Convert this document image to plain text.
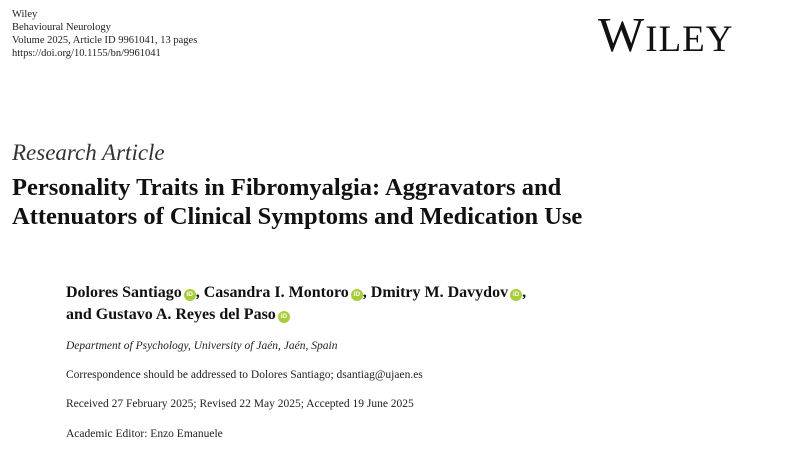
Wiley
Behavioural Neurology
Volume 2025, Article ID 9961041, 13 pages
https://doi.org/10.1155/bn/9961041	WILEY
Research Article
Personality Traits in Fibromyalgia: Aggravators and
Attenuators of Clinical Symptoms and Medication Use
Dolores Santiago iD , Casandra I. Montoro iD , Dmitry M. Davydov iD ,
and Gustavo A. Reyes del Paso iD
Department of Psychology, University of Jaén, Jaén, Spain
Correspondence should be addressed to Dolores Santiago; dsantiag@ujaen.es
Received 27 February 2025; Revised 22 May 2025; Accepted 19 June 2025
Academic Editor: Enzo Emanuele
